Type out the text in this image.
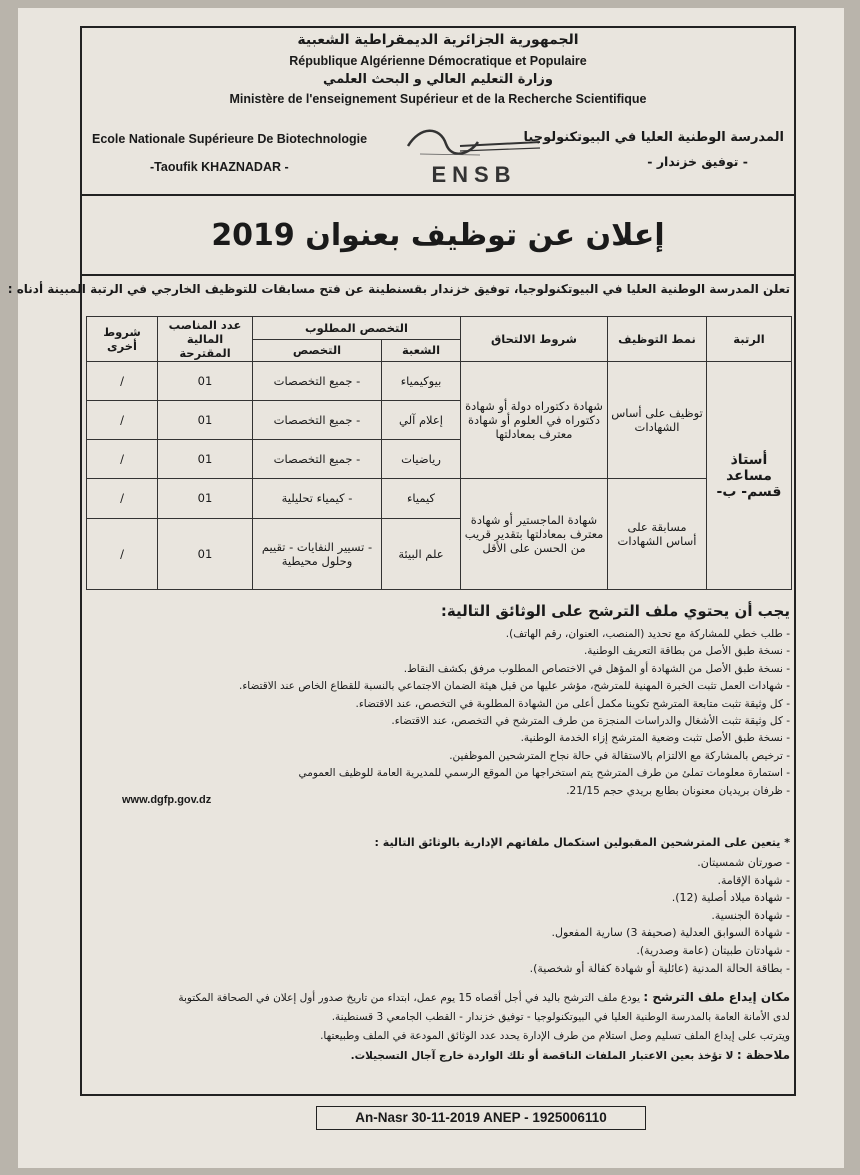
الجمهورية الجزائرية الديمقراطية الشعبية
République Algérienne Démocratique et Populaire
وزارة التعليم العالي و البحث العلمي
Ministère de l'enseignement Supérieur et de la Recherche Scientifique
Ecole Nationale Supérieure De Biotechnologie
-Taoufik KHAZNADAR -	ENSB
المدرسة الوطنية العليا في البيوتكنولوجيا
- توفيق خزندار -
إعلان عن توظيف بعنوان 2019
تعلن المدرسة الوطنية العليا في البيوتكنولوجيا، توفيق خزندار بقسنطينة عن فتح مسابقات للتوظيف الخارجي في الرتبة المبينة أدناه :
الرتبة	نمط التوظيف	شروط الالتحاق	التخصص المطلوب		عدد المناصب المالية المقترحة	شروط أخرى
			الشعبة	التخصص		
أستاذ مساعد قسم- ب-	توظيف على أساس الشهادات	شهادة دكتوراه دولة أو شهادة دكتوراه في العلوم أو شهادة معترف بمعادلتها	بيوكيمياء	- جميع التخصصات	01	/
			إعلام آلي	- جميع التخصصات	01	/
			رياضيات	- جميع التخصصات	01	/
	مسابقة على أساس الشهادات	شهادة الماجستير أو شهادة معترف بمعادلتها بتقدير قريب من الحسن على الأقل	كيمياء	- كيمياء تحليلية	01	/
			علم البيئة	- تسيير النفايات - تقييم وحلول محيطية	01	/
يجب أن يحتوي ملف الترشح على الوثائق التالية:
- طلب خطي للمشاركة مع تحديد (المنصب، العنوان، رقم الهاتف).
- نسخة طبق الأصل من بطاقة التعريف الوطنية.
- نسخة طبق الأصل من الشهادة أو المؤهل في الاختصاص المطلوب مرفق بكشف النقاط.
- شهادات العمل تثبت الخبرة المهنية للمترشح، مؤشر عليها من قبل هيئة الضمان الاجتماعي بالنسبة للقطاع الخاص عند الاقتضاء.
- كل وثيقة تثبت متابعة المترشح تكوينا مكمل أعلى من الشهادة المطلوبة في التخصص، عند الاقتضاء.
- كل وثيقة تثبت الأشغال والدراسات المنجزة من طرف المترشح في التخصص، عند الاقتضاء.
- نسخة طبق الأصل تثبت وضعية المترشح إزاء الخدمة الوطنية.
- ترخيص بالمشاركة مع الالتزام بالاستقالة في حالة نجاح المترشحين الموظفين.
- استمارة معلومات تملئ من طرف المترشح يتم استخراجها من الموقع الرسمي للمديرية العامة للوظيف العمومي
- ظرفان بريديان معنونان بطابع بريدي حجم 21/15.
www.dgfp.gov.dz
* يتعين على المترشحين المقبولين استكمال ملفاتهم الإدارية بالوثائق التالية :
- صورتان شمسيتان.
- شهادة الإقامة.
- شهادة ميلاد أصلية (12).
- شهادة الجنسية.
- شهادة السوابق العدلية (صحيفة 3) سارية المفعول.
- شهادتان طبيتان (عامة وصدرية).
- بطاقة الحالة المدنية (عائلية أو شهادة كفالة أو شخصية).
مكان إيداع ملف الترشح : يودع ملف الترشح باليد في أجل أقصاه 15 يوم عمل، ابتداء من تاريخ صدور أول إعلان في الصحافة المكتوبة
لدى الأمانة العامة بالمدرسة الوطنية العليا في البيوتكنولوجيا - توفيق خزندار - القطب الجامعي 3 قسنطينة.
ويترتب على إيداع الملف تسليم وصل استلام من طرف الإدارة يحدد عدد الوثائق المودعة في الملف وطبيعتها.
ملاحظة : لا تؤخذ بعين الاعتبار الملفات الناقصة أو تلك الواردة خارج آجال التسجيلات.
An-Nasr 30-11-2019 ANEP - 1925006110
